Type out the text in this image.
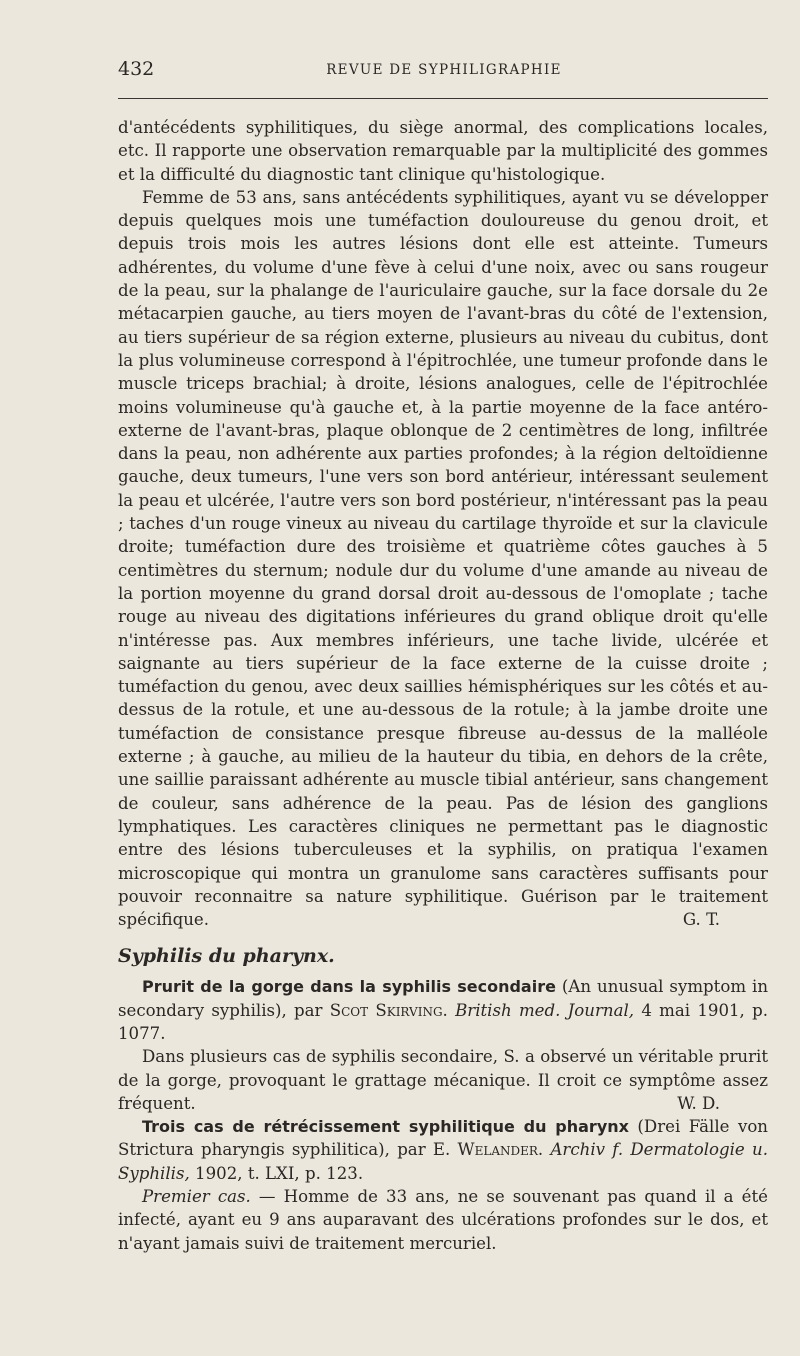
432	REVUE DE SYPHILIGRAPHIE

d'antécédents syphilitiques, du siège anormal, des complications locales, etc. Il rapporte une observation remarquable par la multiplicité des gommes et la difficulté du diagnostic tant clinique qu'histologique.

Femme de 53 ans, sans antécédents syphilitiques, ayant vu se développer depuis quelques mois une tuméfaction douloureuse du genou droit, et depuis trois mois les autres lésions dont elle est atteinte. Tumeurs adhérentes, du volume d'une fève à celui d'une noix, avec ou sans rougeur de la peau, sur la phalange de l'auriculaire gauche, sur la face dorsale du 2e métacarpien gauche, au tiers moyen de l'avant-bras du côté de l'extension, au tiers supérieur de sa région externe, plusieurs au niveau du cubitus, dont la plus volumineuse correspond à l'épitrochlée, une tumeur profonde dans le muscle triceps brachial; à droite, lésions analogues, celle de l'épitrochlée moins volumineuse qu'à gauche et, à la partie moyenne de la face antéro-externe de l'avant-bras, plaque oblonque de 2 centimètres de long, infiltrée dans la peau, non adhérente aux parties profondes; à la région deltoïdienne gauche, deux tumeurs, l'une vers son bord antérieur, intéressant seulement la peau et ulcérée, l'autre vers son bord postérieur, n'intéressant pas la peau ; taches d'un rouge vineux au niveau du cartilage thyroïde et sur la clavicule droite; tuméfaction dure des troisième et quatrième côtes gauches à 5 centimètres du sternum; nodule dur du volume d'une amande au niveau de la portion moyenne du grand dorsal droit au-dessous de l'omoplate ; tache rouge au niveau des digitations inférieures du grand oblique droit qu'elle n'intéresse pas. Aux membres inférieurs, une tache livide, ulcérée et saignante au tiers supérieur de la face externe de la cuisse droite ; tuméfaction du genou, avec deux saillies hémisphériques sur les côtés et au-dessus de la rotule, et une au-dessous de la rotule; à la jambe droite une tuméfaction de consistance presque fibreuse au-dessus de la malléole externe ; à gauche, au milieu de la hauteur du tibia, en dehors de la crête, une saillie paraissant adhérente au muscle tibial antérieur, sans changement de couleur, sans adhérence de la peau. Pas de lésion des ganglions lymphatiques. Les caractères cliniques ne permettant pas le diagnostic entre des lésions tuberculeuses et la syphilis, on pratiqua l'examen microscopique qui montra un granulome sans caractères suffisants pour pouvoir reconnaitre sa nature syphilitique. Guérison par le traitement spécifique.	G. T.

Syphilis du pharynx.

Prurit de la gorge dans la syphilis secondaire (An unusual symptom in secondary syphilis), par Scot Skirving. British med. Journal, 4 mai 1901, p. 1077.

Dans plusieurs cas de syphilis secondaire, S. a observé un véritable prurit de la gorge, provoquant le grattage mécanique. Il croit ce symptôme assez fréquent.	W. D.

Trois cas de rétrécissement syphilitique du pharynx (Drei Fälle von Strictura pharyngis syphilitica), par E. Welander. Archiv f. Dermatologie u. Syphilis, 1902, t. LXI, p. 123.

Premier cas. — Homme de 33 ans, ne se souvenant pas quand il a été infecté, ayant eu 9 ans auparavant des ulcérations profondes sur le dos, et n'ayant jamais suivi de traitement mercuriel.
